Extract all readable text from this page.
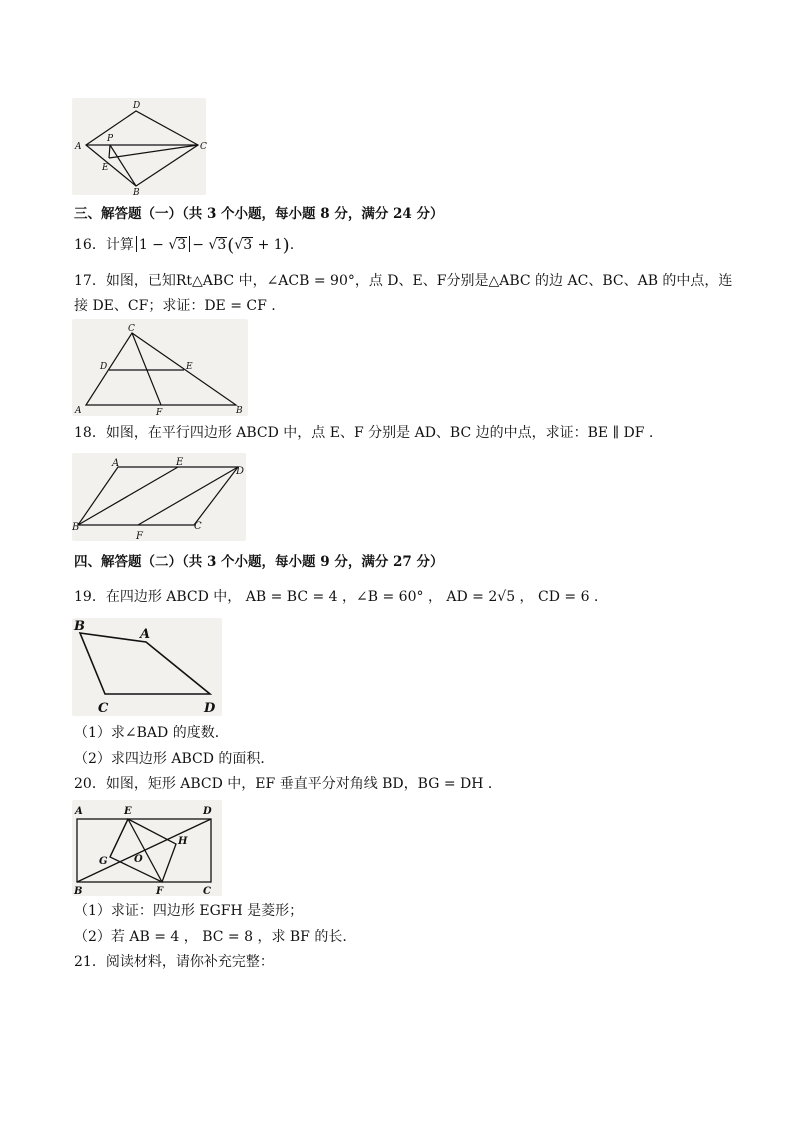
D
A
P
C
E
B
三、解答题（一）（共 3 个小题，每小题 8 分，满分 24 分）
16．计算 1 − √3 − √3(√3 + 1).
17．如图，已知Rt△ABC 中，∠ACB = 90°，点 D、E、F分别是△ABC 的边 AC、BC、AB 的中点，连
接 DE、CF；求证：DE = CF .
C
D	E
A	F	B
18．如图，在平行四边形 ABCD 中，点 E、F 分别是 AD、BC 边的中点，求证：BE ∥ DF .
A	E
D
B
F
C
四、解答题（二）（共 3 个小题，每小题 9 分，满分 27 分）
19．在四边形 ABCD 中， AB = BC = 4 ，∠B = 60° ， AD = 2√5 ， CD = 6 .
B
A
C	D
（1）求∠BAD 的度数．
（2）求四边形 ABCD 的面积．
20．如图，矩形 ABCD 中，EF 垂直平分对角线 BD，BG = DH ．
A	E	D
H
G	O
B	F	C
（1）求证：四边形 EGFH 是菱形；
（2）若 AB = 4 ， BC = 8 ，求 BF 的长.
21．阅读材料，请你补充完整：
